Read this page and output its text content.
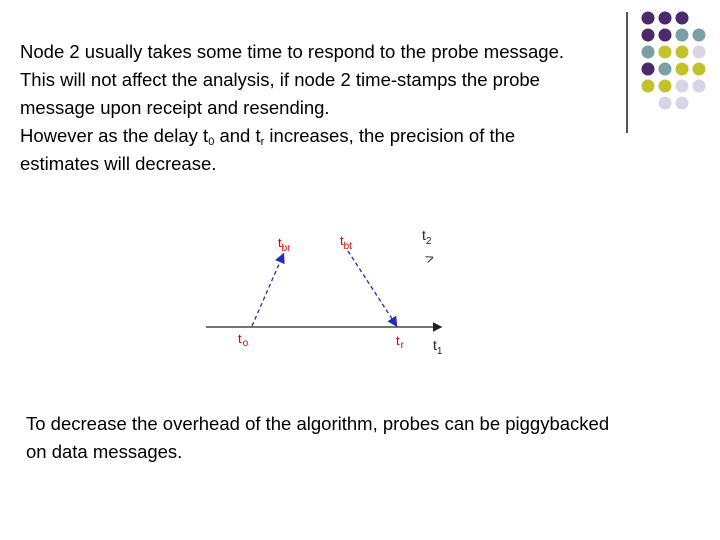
Node 2 usually takes some time to respond to the probe message.
This will not affect the analysis, if node 2 time-stamps the probe
message upon receipt and resending.
However as the delay $t_0$ and $t_r$ increases, the precision of the
estimates will decrease.
$t_{br}$
$t_{bt}$
$t_o$	$t_r$
$t_2$
>
$t_1$
To decrease the overhead of the algorithm, probes can be piggybacked
on data messages.
